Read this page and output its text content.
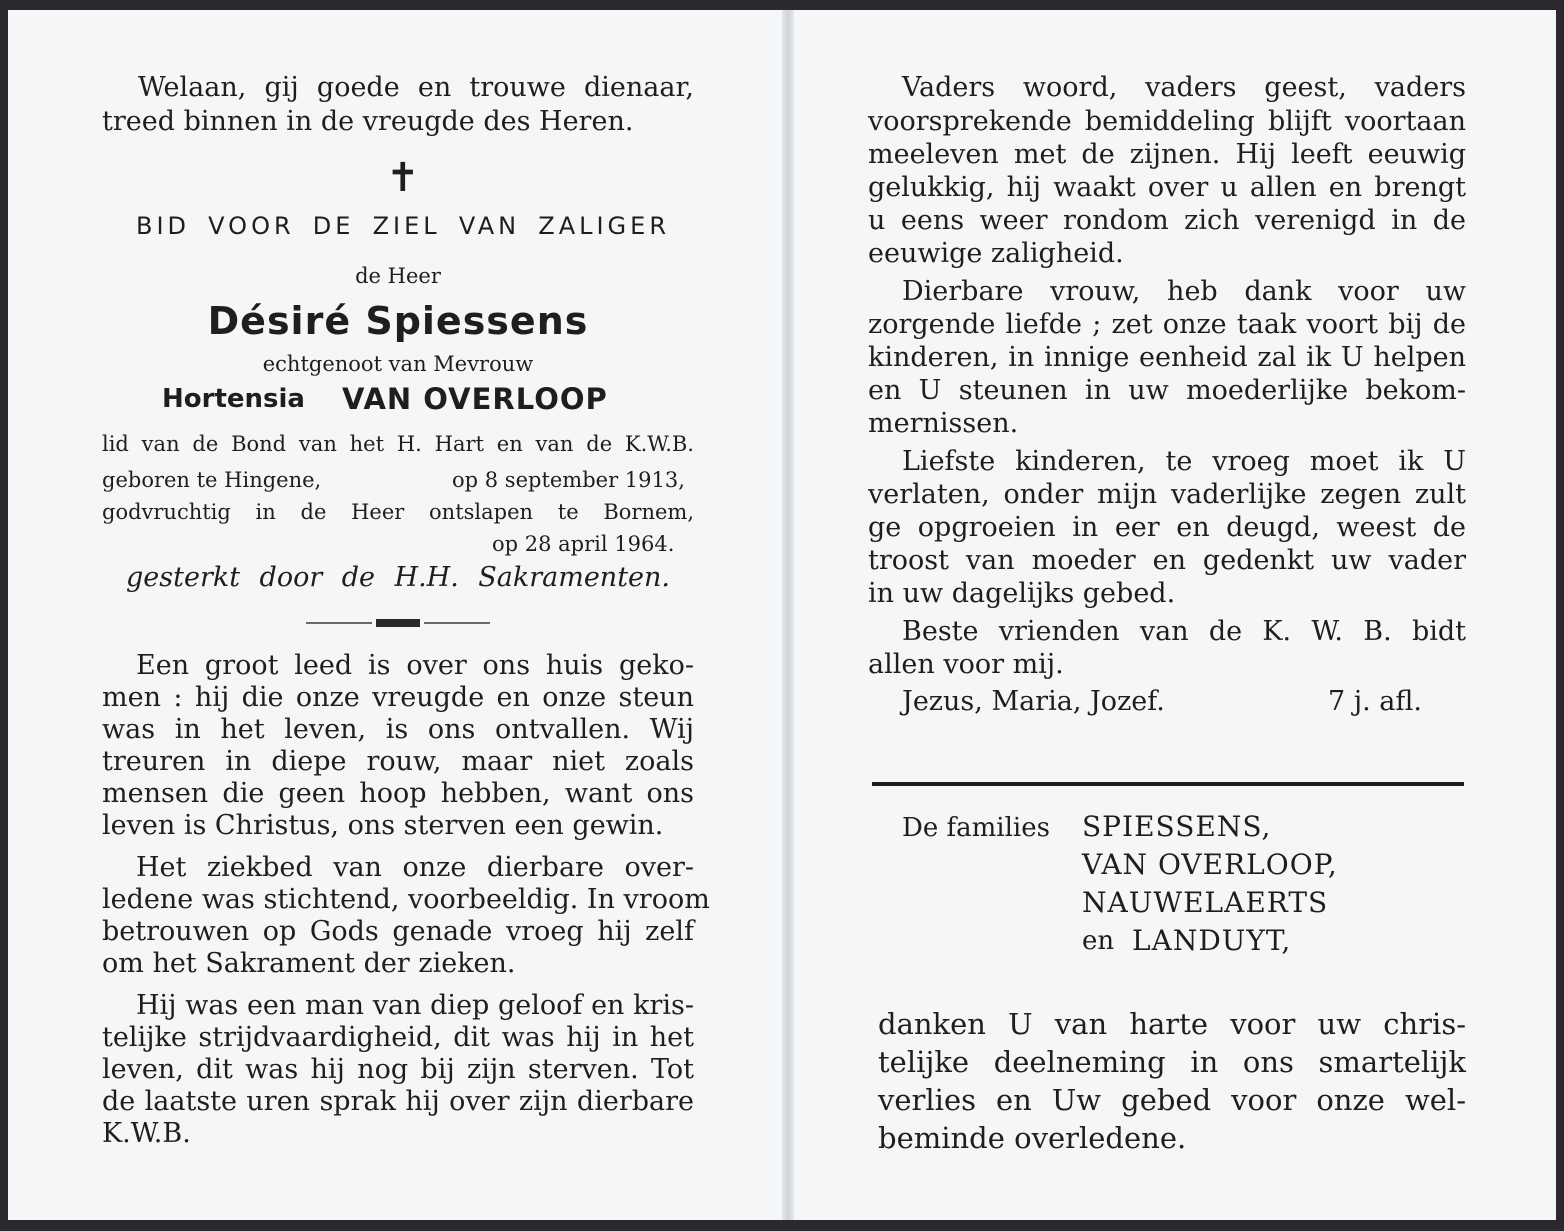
Welaan, gij goede en trouwe dienaar,
treed binnen in de vreugde des Heren.
✝
BID VOOR DE ZIEL VAN ZALIGER
de Heer
Désiré Spiessens
echtgenoot van Mevrouw
Hortensia VAN OVERLOOP
lid van de Bond van het H. Hart en van de K.W.B.
geboren te Hingene,	op 8 september 1913,
godvruchtig in de Heer ontslapen te Bornem,
op 28 april 1964.
gesterkt door de H.H. Sakramenten.
Een groot leed is over ons huis geko-
men : hij die onze vreugde en onze steun
was in het leven, is ons ontvallen. Wij
treuren in diepe rouw, maar niet zoals
mensen die geen hoop hebben, want ons
leven is Christus, ons sterven een gewin.
Het ziekbed van onze dierbare over-
ledene was stichtend, voorbeeldig. In vroom
betrouwen op Gods genade vroeg hij zelf
om het Sakrament der zieken.
Hij was een man van diep geloof en kris-
telijke strijdvaardigheid, dit was hij in het
leven, dit was hij nog bij zijn sterven. Tot
de laatste uren sprak hij over zijn dierbare
K.W.B.
Vaders woord, vaders geest, vaders
voorsprekende bemiddeling blijft voortaan
meeleven met de zijnen. Hij leeft eeuwig
gelukkig, hij waakt over u allen en brengt
u eens weer rondom zich verenigd in de
eeuwige zaligheid.
Dierbare vrouw, heb dank voor uw
zorgende liefde ; zet onze taak voort bij de
kinderen, in innige eenheid zal ik U helpen
en U steunen in uw moederlijke bekom-
mernissen.
Liefste kinderen, te vroeg moet ik U
verlaten, onder mijn vaderlijke zegen zult
ge opgroeien in eer en deugd, weest de
troost van moeder en gedenkt uw vader
in uw dagelijks gebed.
Beste vrienden van de K. W. B. bidt
allen voor mij.
Jezus, Maria, Jozef.	7 j. afl.
De families SPIESSENS,
VAN OVERLOOP,
NAUWELAERTS
en LANDUYT,
danken U van harte voor uw chris-
telijke deelneming in ons smartelijk
verlies en Uw gebed voor onze wel-
beminde overledene.
